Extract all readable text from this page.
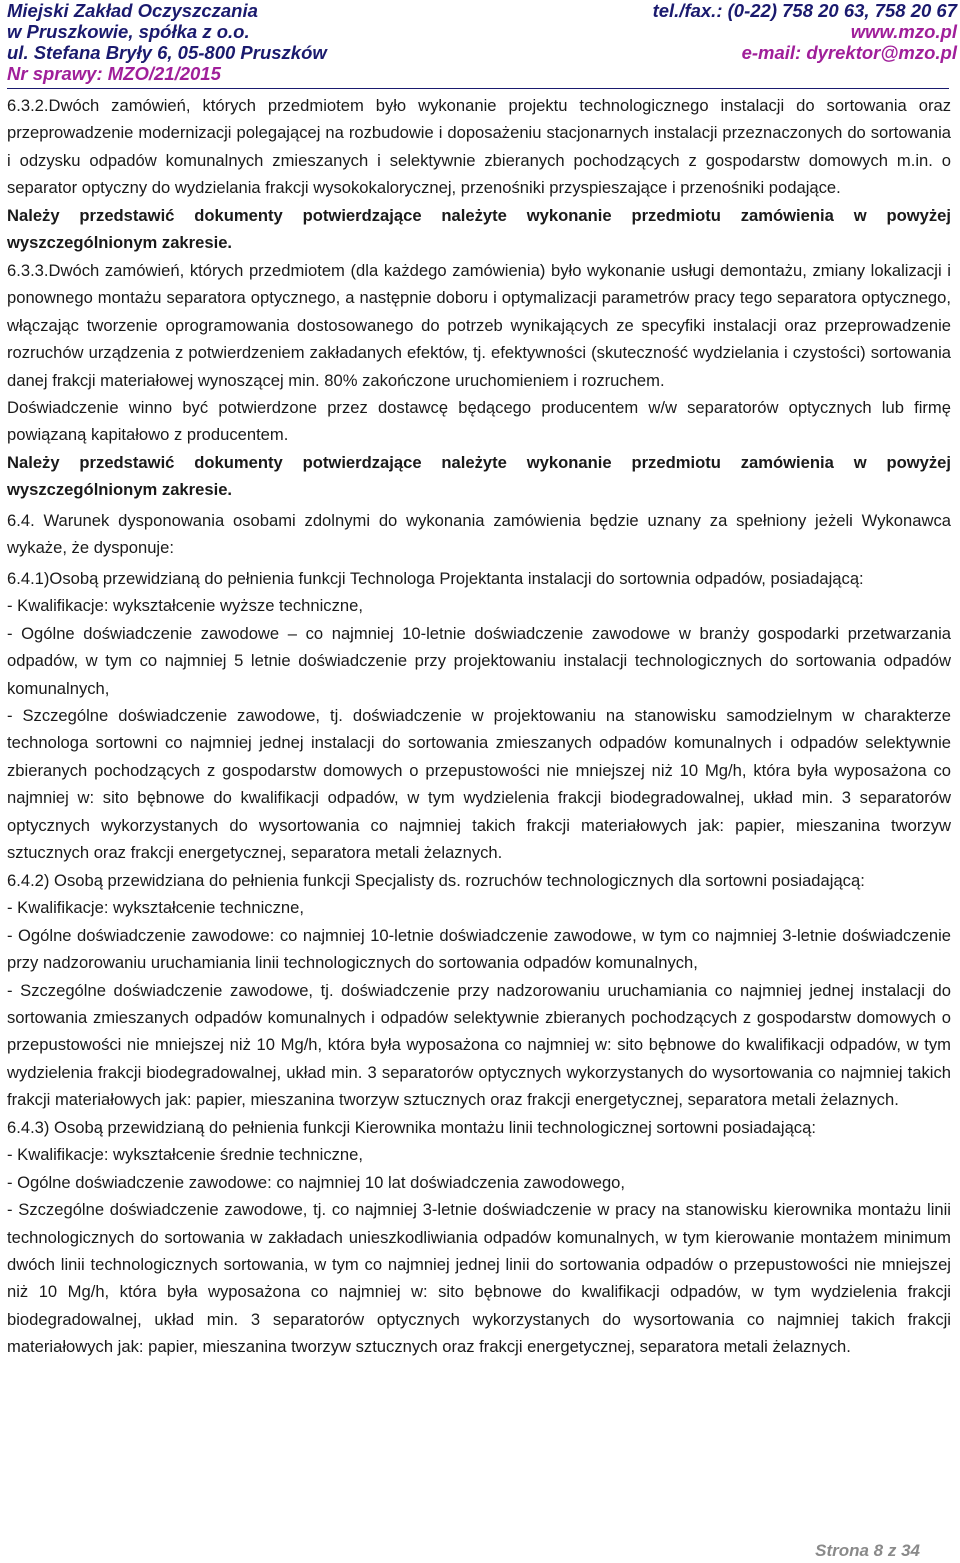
Miejski Zakład Oczyszczania	tel./fax.: (0-22) 758 20 63, 758 20 67
w Pruszkowie, spółka z o.o.	www.mzo.pl
ul. Stefana Bryły 6, 05-800 Pruszków	e-mail: dyrektor@mzo.pl
Nr sprawy: MZO/21/2015

6.3.2.Dwóch zamówień, których przedmiotem było wykonanie projektu technologicznego instalacji do sortowania oraz przeprowadzenie modernizacji polegającej na rozbudowie i doposażeniu stacjonarnych instalacji przeznaczonych do sortowania i odzysku odpadów komunalnych zmieszanych i selektywnie zbieranych pochodzących z gospodarstw domowych m.in. o separator optyczny do wydzielania frakcji wysokokalorycznej, przenośniki przyspieszające i przenośniki podające.

Należy przedstawić dokumenty potwierdzające należyte wykonanie przedmiotu zamówienia w powyżej wyszczególnionym zakresie.

6.3.3.Dwóch zamówień, których przedmiotem (dla każdego zamówienia) było wykonanie usługi demontażu, zmiany lokalizacji i ponownego montażu separatora optycznego, a następnie doboru i optymalizacji parametrów pracy tego separatora optycznego, włączając tworzenie oprogramowania dostosowanego do potrzeb wynikających ze specyfiki instalacji oraz przeprowadzenie rozruchów urządzenia z potwierdzeniem zakładanych efektów, tj. efektywności (skuteczność wydzielania i czystości) sortowania danej frakcji materiałowej wynoszącej min. 80% zakończone uruchomieniem i rozruchem.

Doświadczenie winno być potwierdzone przez dostawcę będącego producentem w/w separatorów optycznych lub firmę powiązaną kapitałowo z producentem.

Należy przedstawić dokumenty potwierdzające należyte wykonanie przedmiotu zamówienia w powyżej wyszczególnionym zakresie.

6.4. Warunek dysponowania osobami zdolnymi do wykonania zamówienia będzie uznany za spełniony jeżeli Wykonawca wykaże, że dysponuje:

6.4.1)Osobą przewidzianą do pełnienia funkcji Technologa Projektanta instalacji do sortownia odpadów, posiadającą:

- Kwalifikacje: wykształcenie wyższe techniczne,

- Ogólne doświadczenie zawodowe – co najmniej 10-letnie doświadczenie zawodowe w branży gospodarki przetwarzania odpadów, w tym co najmniej 5 letnie doświadczenie przy projektowaniu instalacji technologicznych do sortowania odpadów komunalnych,

- Szczególne doświadczenie zawodowe, tj. doświadczenie w projektowaniu na stanowisku samodzielnym w charakterze technologa sortowni co najmniej jednej instalacji do sortowania zmieszanych odpadów komunalnych i odpadów selektywnie zbieranych pochodzących z gospodarstw domowych o przepustowości nie mniejszej niż 10 Mg/h, która była wyposażona co najmniej w: sito bębnowe do kwalifikacji odpadów, w tym wydzielenia frakcji biodegradowalnej, układ min. 3 separatorów optycznych wykorzystanych do wysortowania co najmniej takich frakcji materiałowych jak: papier, mieszanina tworzyw sztucznych oraz frakcji energetycznej, separatora metali żelaznych.

6.4.2) Osobą przewidziana do pełnienia funkcji Specjalisty ds. rozruchów technologicznych dla sortowni posiadającą:

- Kwalifikacje: wykształcenie techniczne,

- Ogólne doświadczenie zawodowe: co najmniej 10-letnie doświadczenie zawodowe, w tym co najmniej 3-letnie doświadczenie przy nadzorowaniu uruchamiania linii technologicznych do sortowania odpadów komunalnych,

- Szczególne doświadczenie zawodowe, tj. doświadczenie przy nadzorowaniu uruchamiania co najmniej jednej instalacji do sortowania zmieszanych odpadów komunalnych i odpadów selektywnie zbieranych pochodzących z gospodarstw domowych o przepustowości nie mniejszej niż 10 Mg/h, która była wyposażona co najmniej w: sito bębnowe do kwalifikacji odpadów, w tym wydzielenia frakcji biodegradowalnej, układ min. 3 separatorów optycznych wykorzystanych do wysortowania co najmniej takich frakcji materiałowych jak: papier, mieszanina tworzyw sztucznych oraz frakcji energetycznej, separatora metali żelaznych.

6.4.3) Osobą przewidzianą do pełnienia funkcji Kierownika montażu linii technologicznej sortowni posiadającą:

- Kwalifikacje: wykształcenie średnie techniczne,

- Ogólne doświadczenie zawodowe: co najmniej 10 lat doświadczenia zawodowego,

- Szczególne doświadczenie zawodowe, tj. co najmniej 3-letnie doświadczenie w pracy na stanowisku kierownika montażu linii technologicznych do sortowania w zakładach unieszkodliwiania odpadów komunalnych, w tym kierowanie montażem minimum dwóch linii technologicznych sortowania, w tym co najmniej jednej linii do sortowania odpadów o przepustowości nie mniejszej niż 10 Mg/h, która była wyposażona co najmniej w: sito bębnowe do kwalifikacji odpadów, w tym wydzielenia frakcji biodegradowalnej, układ min. 3 separatorów optycznych wykorzystanych do wysortowania co najmniej takich frakcji materiałowych jak: papier, mieszanina tworzyw sztucznych oraz frakcji energetycznej, separatora metali żelaznych.

Strona 8 z 34
